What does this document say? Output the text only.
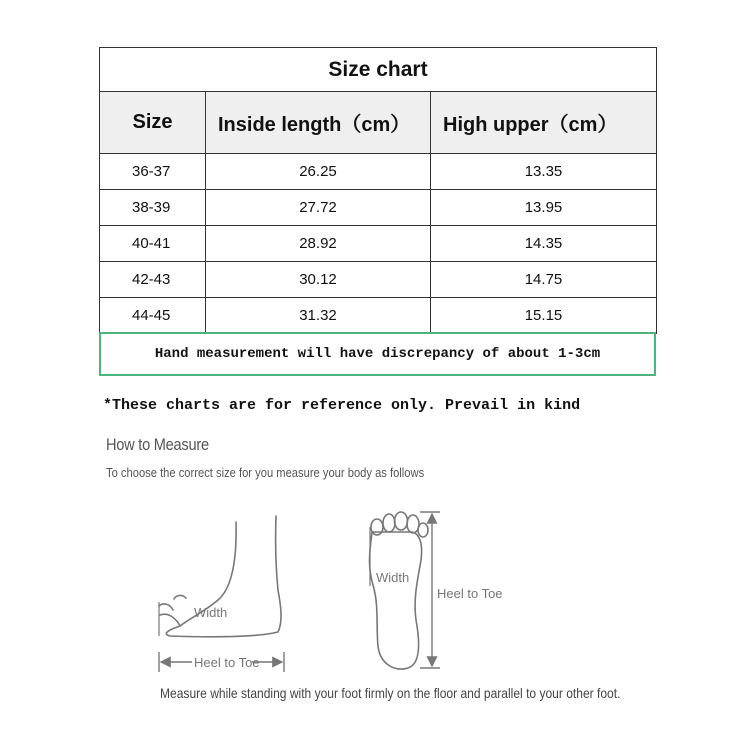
Size chart		
Size	Inside length（cm）	High upper（cm）
36-37	26.25	13.35
38-39	27.72	13.95
40-41	28.92	14.35
42-43	30.12	14.75
44-45	31.32	15.15
Hand measurement will have discrepancy of about 1-3cm
*These charts are for reference only. Prevail in kind
How to Measure
To choose the correct size for you measure your body as follows
Width
Heel to Toe
Width
Heel to Toe
Measure while standing with your foot firmly on the floor and parallel to your other foot.
